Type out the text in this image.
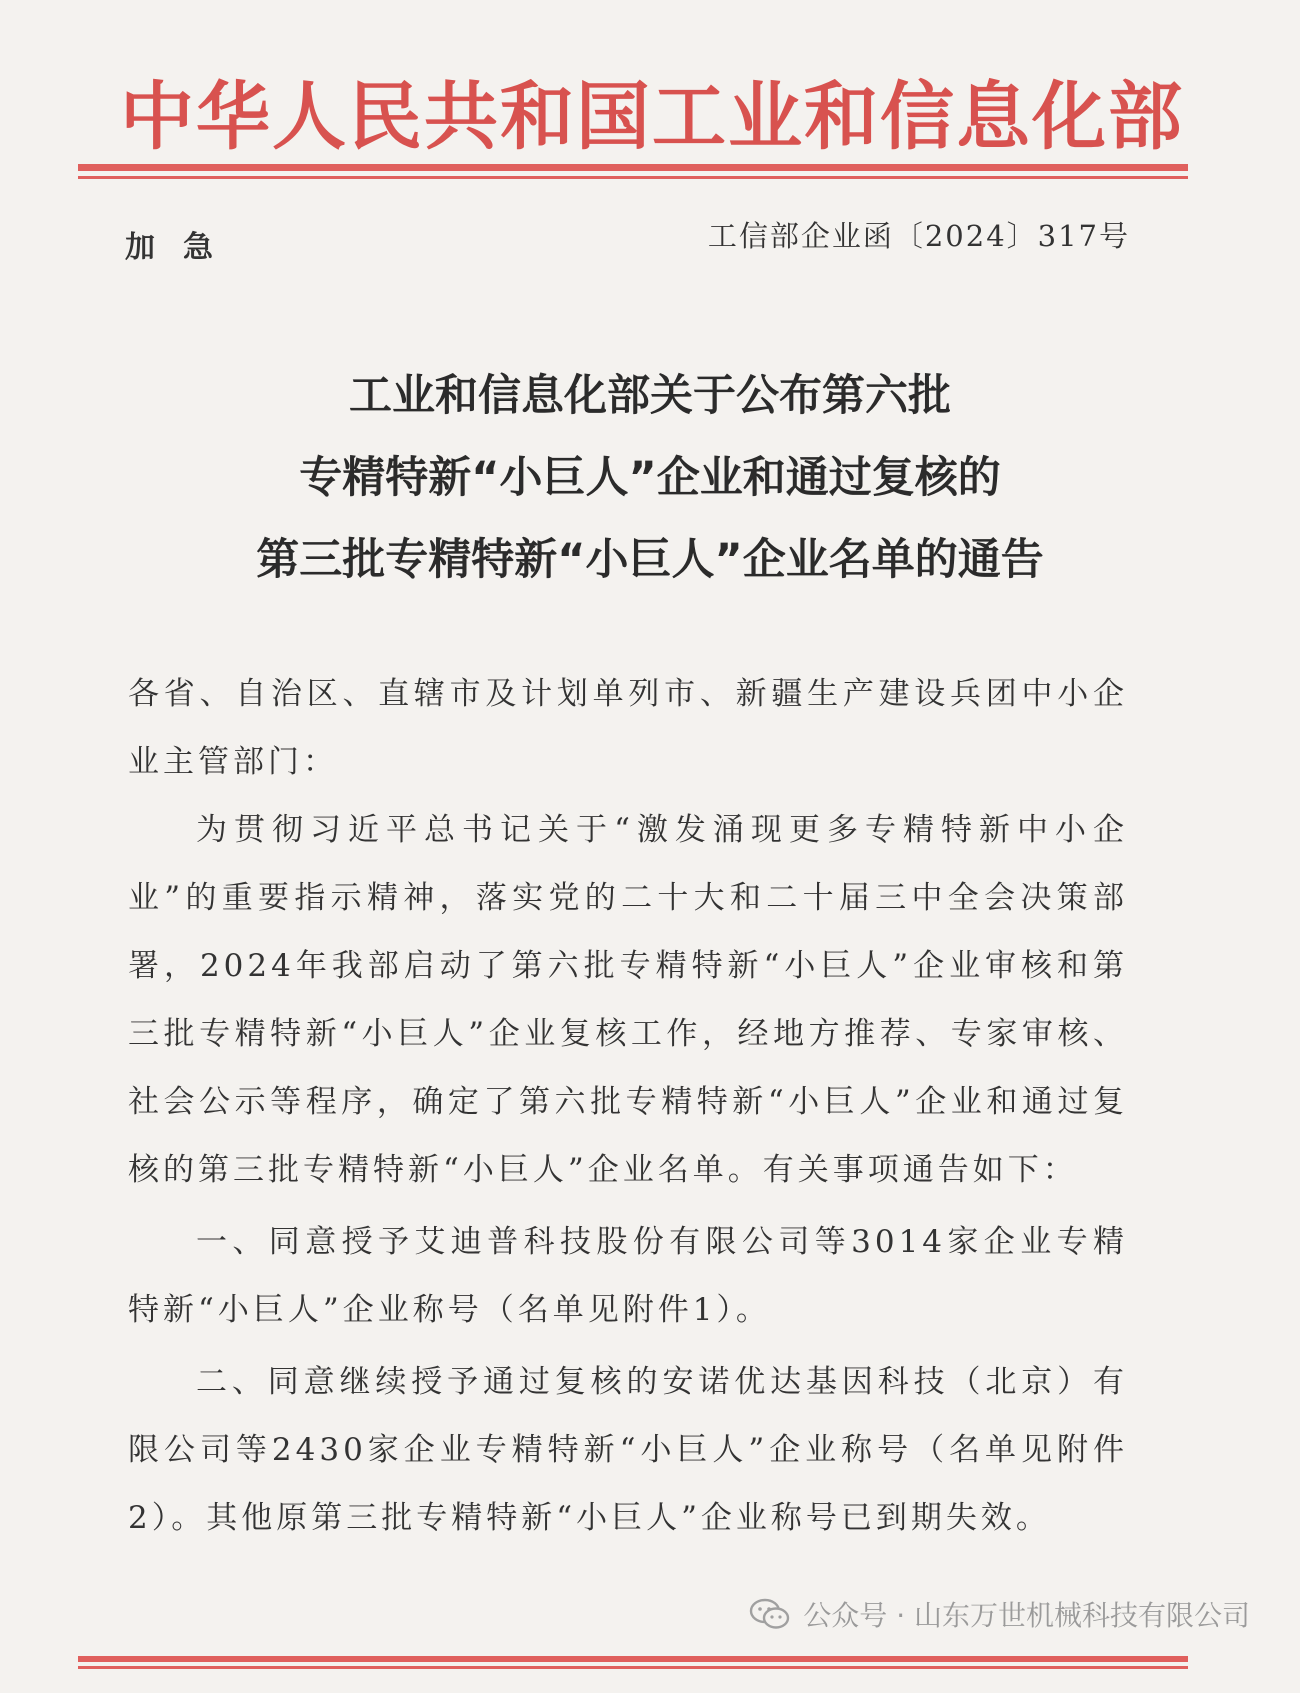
中华人民共和国工业和信息化部
加急	工信部企业函〔2024〕317号
工业和信息化部关于公布第六批
专精特新“小巨人”企业和通过复核的
第三批专精特新“小巨人”企业名单的通告

各省、自治区、直辖市及计划单列市、新疆生产建设兵团中小企业主管部门：

为贯彻习近平总书记关于“激发涌现更多专精特新中小企业”的重要指示精神，落实党的二十大和二十届三中全会决策部署，2024年我部启动了第六批专精特新“小巨人”企业审核和第三批专精特新“小巨人”企业复核工作，经地方推荐、专家审核、社会公示等程序，确定了第六批专精特新“小巨人”企业和通过复核的第三批专精特新“小巨人”企业名单。有关事项通告如下：

一、同意授予艾迪普科技股份有限公司等3014家企业专精特新“小巨人”企业称号（名单见附件1）。

二、同意继续授予通过复核的安诺优达基因科技（北京）有限公司等2430家企业专精特新“小巨人”企业称号（名单见附件2）。其他原第三批专精特新“小巨人”企业称号已到期失效。

公众号 · 山东万世机械科技有限公司
